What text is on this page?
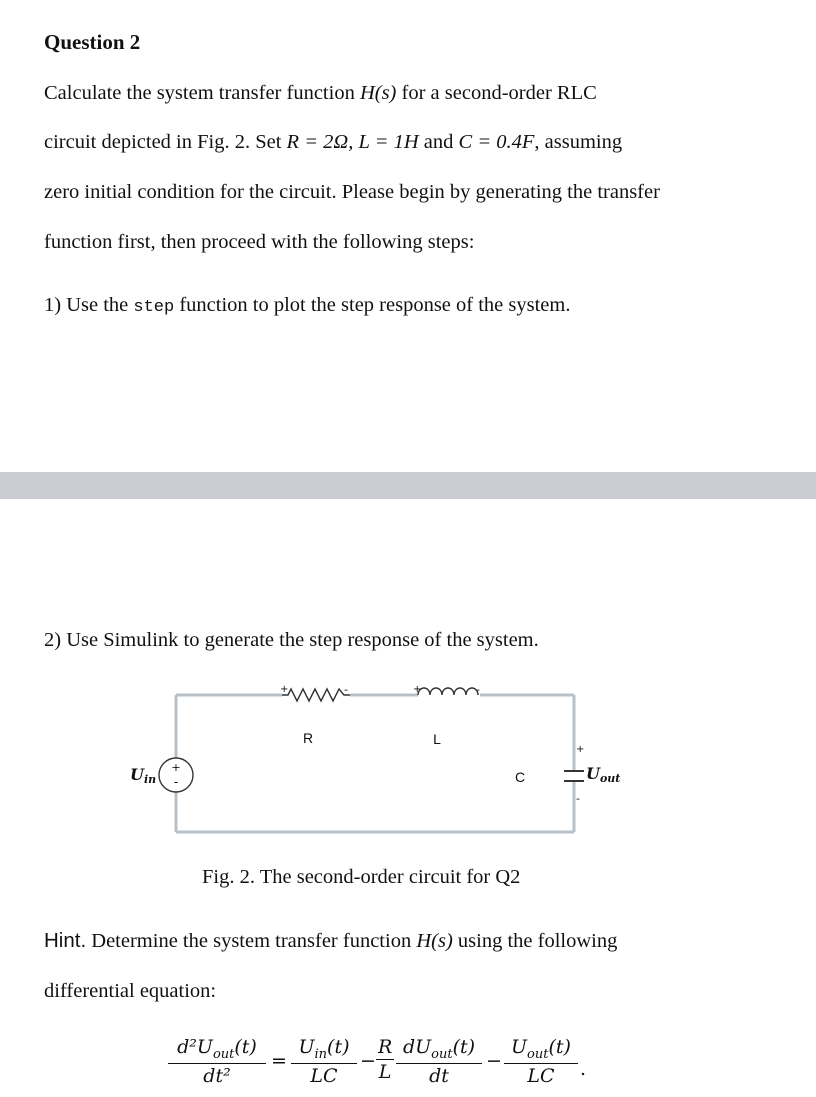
Question 2
Calculate the system transfer function H(s) for a second-order RLC
circuit depicted in Fig. 2. Set R = 2Ω, L = 1H and C = 0.4F, assuming
zero initial condition for the circuit. Please begin by generating the transfer
function first, then proceed with the following steps:
1) Use the step function to plot the step response of the system.
2) Use Simulink to generate the step response of the system.
+
-
+	-	+	-
R	L
C
+
-
Uin	Uout
Fig. 2. The second-order circuit for Q2
Hint. Determine the system transfer function H(s) using the following
differential equation:
$d^2U_{out}(t)$
dt²
=
$U_{in}(t)$
LC
−
R
L
$dU_{out}(t)$
dt
−
$U_{out}(t)$
LC	.
